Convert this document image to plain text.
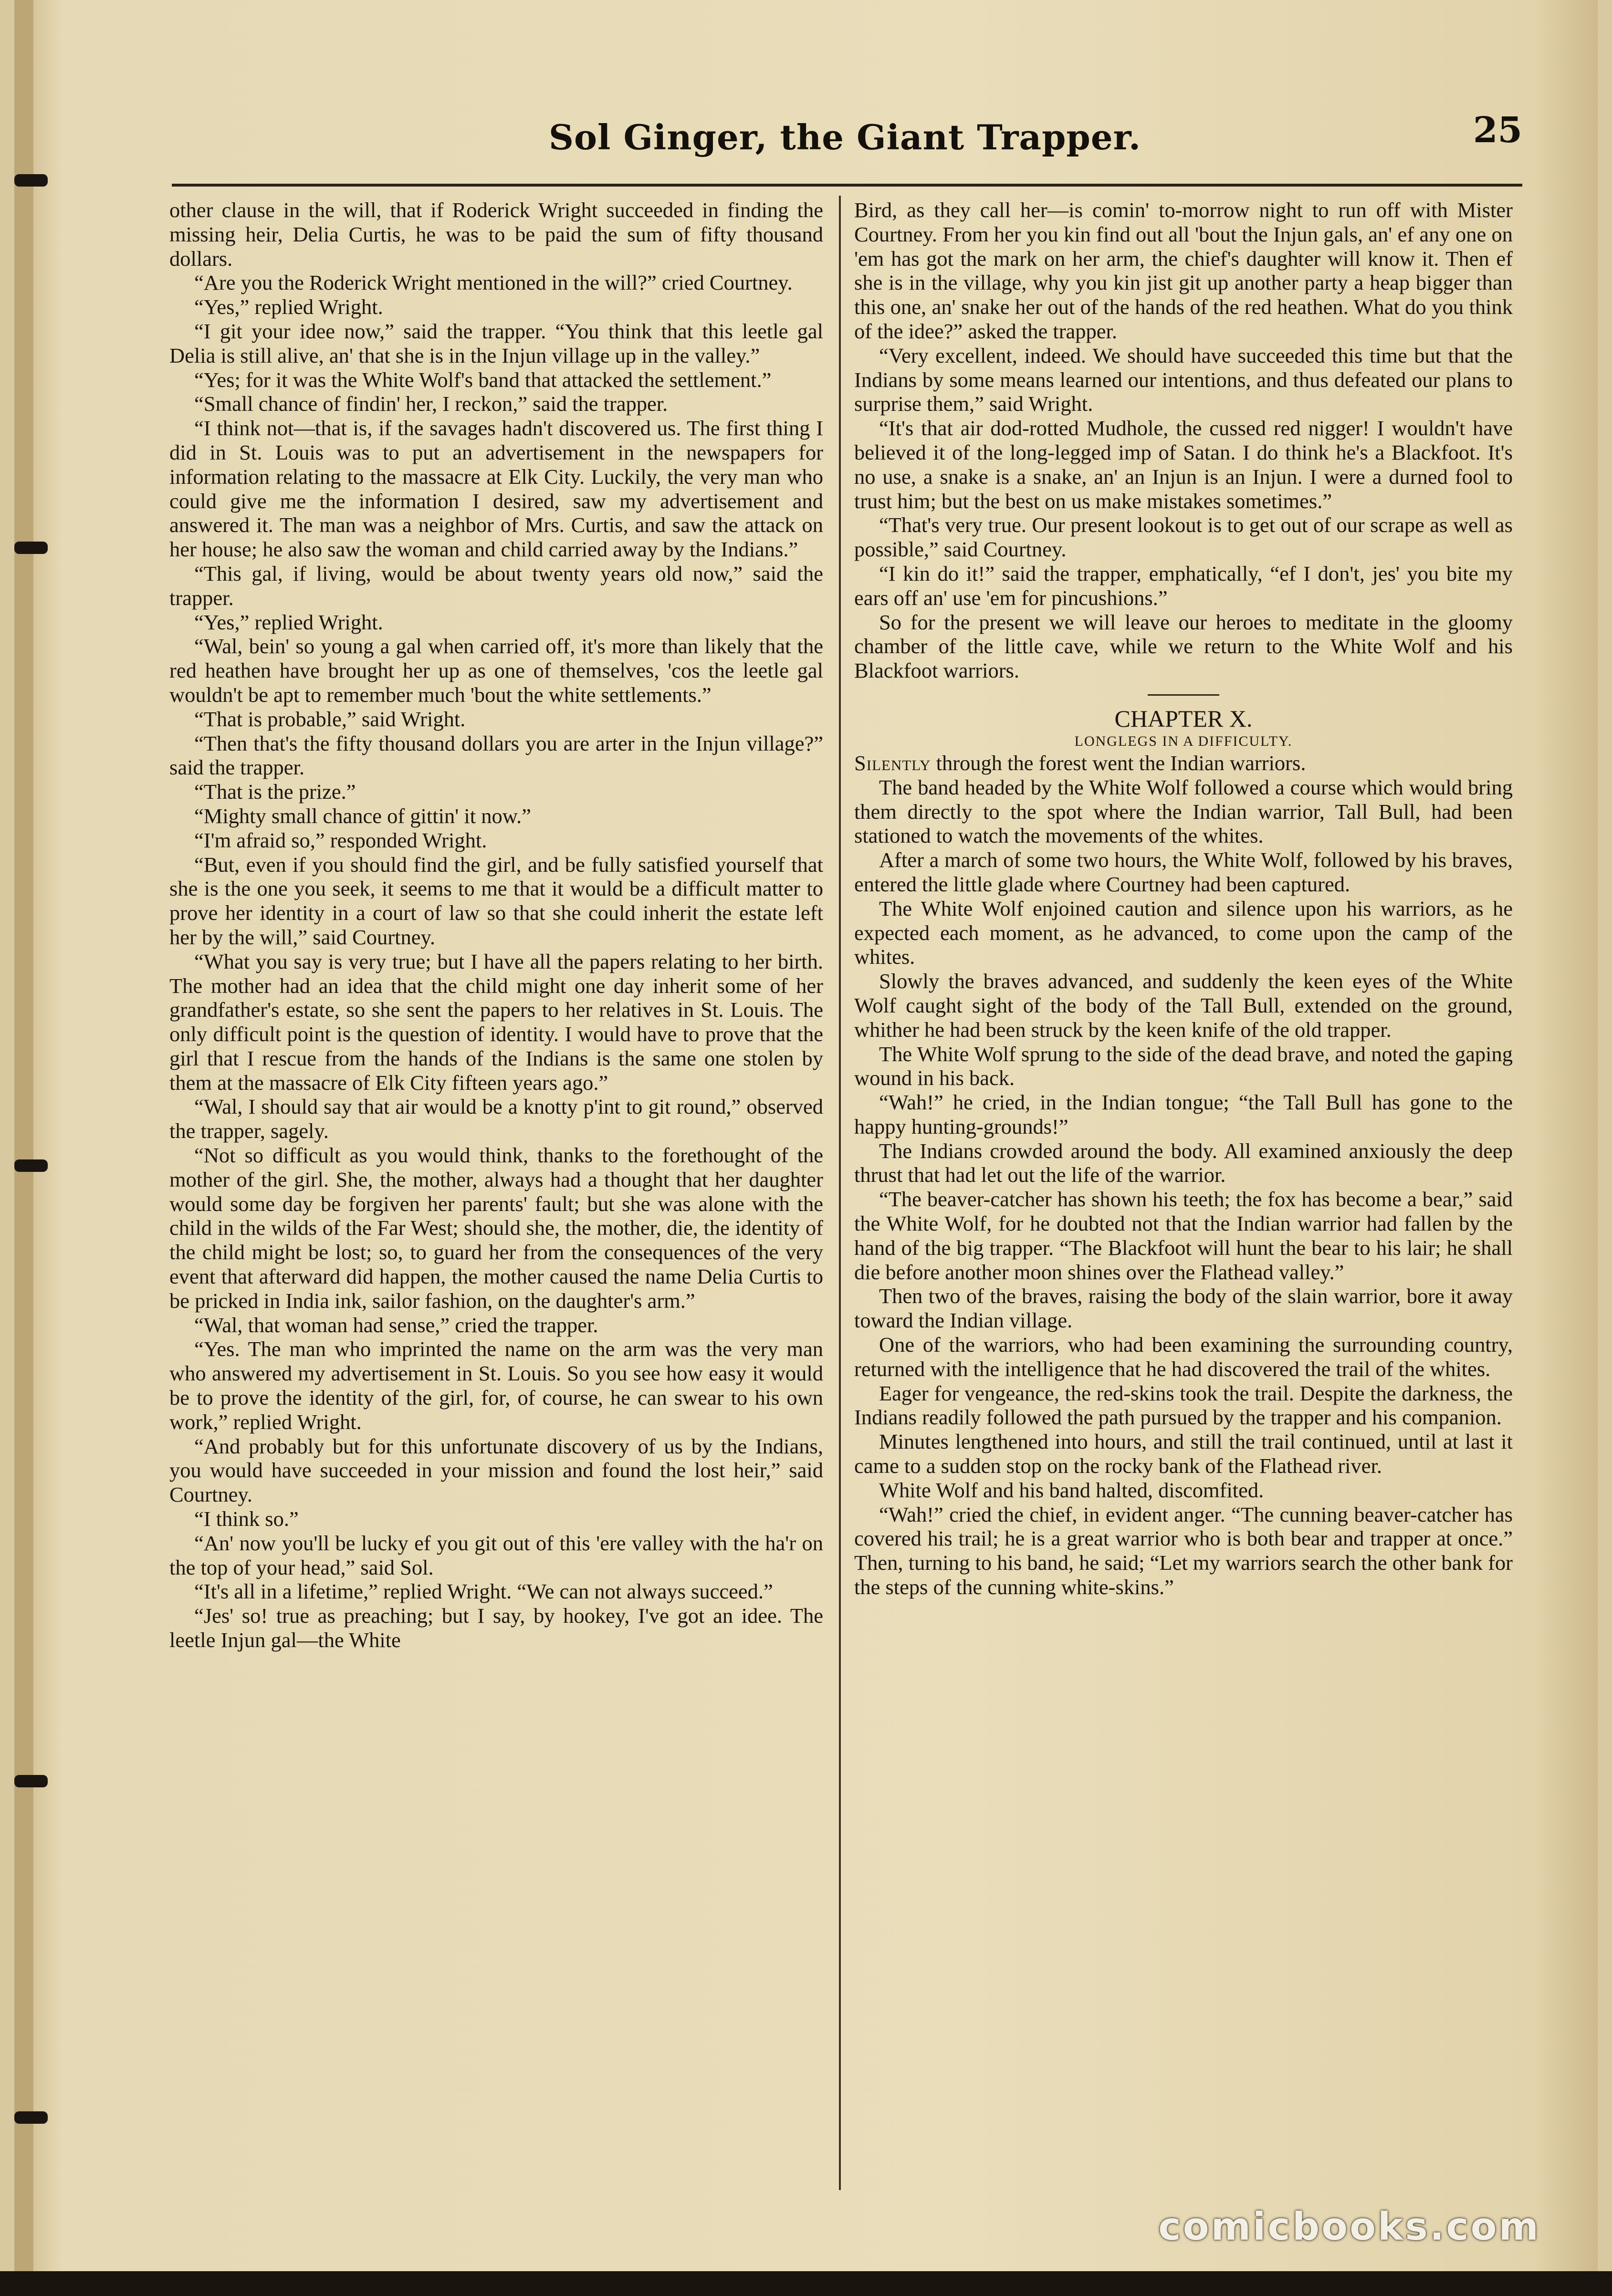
Sol Ginger, the Giant Trapper.	25

other clause in the will, that if Roderick Wright succeeded in finding the missing heir, Delia Curtis, he was to be paid the sum of fifty thousand dollars.

“Are you the Roderick Wright mentioned in the will?” cried Courtney.

“Yes,” replied Wright.

“I git your idee now,” said the trapper. “You think that this leetle gal Delia is still alive, an' that she is in the Injun village up in the valley.”

“Yes; for it was the White Wolf's band that attacked the settlement.”

“Small chance of findin' her, I reckon,” said the trapper.

“I think not—that is, if the savages hadn't discovered us. The first thing I did in St. Louis was to put an advertisement in the newspapers for information relating to the massacre at Elk City. Luckily, the very man who could give me the information I desired, saw my advertisement and answered it. The man was a neighbor of Mrs. Curtis, and saw the attack on her house; he also saw the woman and child carried away by the Indians.”

“This gal, if living, would be about twenty years old now,” said the trapper.

“Yes,” replied Wright.

“Wal, bein' so young a gal when carried off, it's more than likely that the red heathen have brought her up as one of themselves, 'cos the leetle gal wouldn't be apt to remember much 'bout the white settlements.”

“That is probable,” said Wright.

“Then that's the fifty thousand dollars you are arter in the Injun village?” said the trapper.

“That is the prize.”

“Mighty small chance of gittin' it now.”

“I'm afraid so,” responded Wright.

“But, even if you should find the girl, and be fully satisfied yourself that she is the one you seek, it seems to me that it would be a difficult matter to prove her identity in a court of law so that she could inherit the estate left her by the will,” said Courtney.

“What you say is very true; but I have all the papers relating to her birth. The mother had an idea that the child might one day inherit some of her grandfather's estate, so she sent the papers to her relatives in St. Louis. The only difficult point is the question of identity. I would have to prove that the girl that I rescue from the hands of the Indians is the same one stolen by them at the massacre of Elk City fifteen years ago.”

“Wal, I should say that air would be a knotty p'int to git round,” observed the trapper, sagely.

“Not so difficult as you would think, thanks to the forethought of the mother of the girl. She, the mother, always had a thought that her daughter would some day be forgiven her parents' fault; but she was alone with the child in the wilds of the Far West; should she, the mother, die, the identity of the child might be lost; so, to guard her from the consequences of the very event that afterward did happen, the mother caused the name Delia Curtis to be pricked in India ink, sailor fashion, on the daughter's arm.”

“Wal, that woman had sense,” cried the trapper.

“Yes. The man who imprinted the name on the arm was the very man who answered my advertisement in St. Louis. So you see how easy it would be to prove the identity of the girl, for, of course, he can swear to his own work,” replied Wright.

“And probably but for this unfortunate discovery of us by the Indians, you would have succeeded in your mission and found the lost heir,” said Courtney.

“I think so.”

“An' now you'll be lucky ef you git out of this 'ere valley with the ha'r on the top of your head,” said Sol.

“It's all in a lifetime,” replied Wright. “We can not always succeed.”

“Jes' so! true as preaching; but I say, by hookey, I've got an idee. The leetle Injun gal—the White

Bird, as they call her—is comin' to-morrow night to run off with Mister Courtney. From her you kin find out all 'bout the Injun gals, an' ef any one on 'em has got the mark on her arm, the chief's daughter will know it. Then ef she is in the village, why you kin jist git up another party a heap bigger than this one, an' snake her out of the hands of the red heathen. What do you think of the idee?” asked the trapper.

“Very excellent, indeed. We should have succeeded this time but that the Indians by some means learned our intentions, and thus defeated our plans to surprise them,” said Wright.

“It's that air dod-rotted Mudhole, the cussed red nigger! I wouldn't have believed it of the long-legged imp of Satan. I do think he's a Blackfoot. It's no use, a snake is a snake, an' an Injun is an Injun. I were a durned fool to trust him; but the best on us make mistakes sometimes.”

“That's very true. Our present lookout is to get out of our scrape as well as possible,” said Courtney.

“I kin do it!” said the trapper, emphatically, “ef I don't, jes' you bite my ears off an' use 'em for pincushions.”

So for the present we will leave our heroes to meditate in the gloomy chamber of the little cave, while we return to the White Wolf and his Blackfoot warriors.

CHAPTER X.

LONGLEGS IN A DIFFICULTY.

Silently through the forest went the Indian warriors.

The band headed by the White Wolf followed a course which would bring them directly to the spot where the Indian warrior, Tall Bull, had been stationed to watch the movements of the whites.

After a march of some two hours, the White Wolf, followed by his braves, entered the little glade where Courtney had been captured.

The White Wolf enjoined caution and silence upon his warriors, as he expected each moment, as he advanced, to come upon the camp of the whites.

Slowly the braves advanced, and suddenly the keen eyes of the White Wolf caught sight of the body of the Tall Bull, extended on the ground, whither he had been struck by the keen knife of the old trapper.

The White Wolf sprung to the side of the dead brave, and noted the gaping wound in his back.

“Wah!” he cried, in the Indian tongue; “the Tall Bull has gone to the happy hunting-grounds!”

The Indians crowded around the body. All examined anxiously the deep thrust that had let out the life of the warrior.

“The beaver-catcher has shown his teeth; the fox has become a bear,” said the White Wolf, for he doubted not that the Indian warrior had fallen by the hand of the big trapper. “The Blackfoot will hunt the bear to his lair; he shall die before another moon shines over the Flathead valley.”

Then two of the braves, raising the body of the slain warrior, bore it away toward the Indian village.

One of the warriors, who had been examining the surrounding country, returned with the intelligence that he had discovered the trail of the whites.

Eager for vengeance, the red-skins took the trail. Despite the darkness, the Indians readily followed the path pursued by the trapper and his companion.

Minutes lengthened into hours, and still the trail continued, until at last it came to a sudden stop on the rocky bank of the Flathead river.

White Wolf and his band halted, discomfited.

“Wah!” cried the chief, in evident anger. “The cunning beaver-catcher has covered his trail; he is a great warrior who is both bear and trapper at once.” Then, turning to his band, he said; “Let my warriors search the other bank for the steps of the cunning white-skins.”

comicbooks.com
